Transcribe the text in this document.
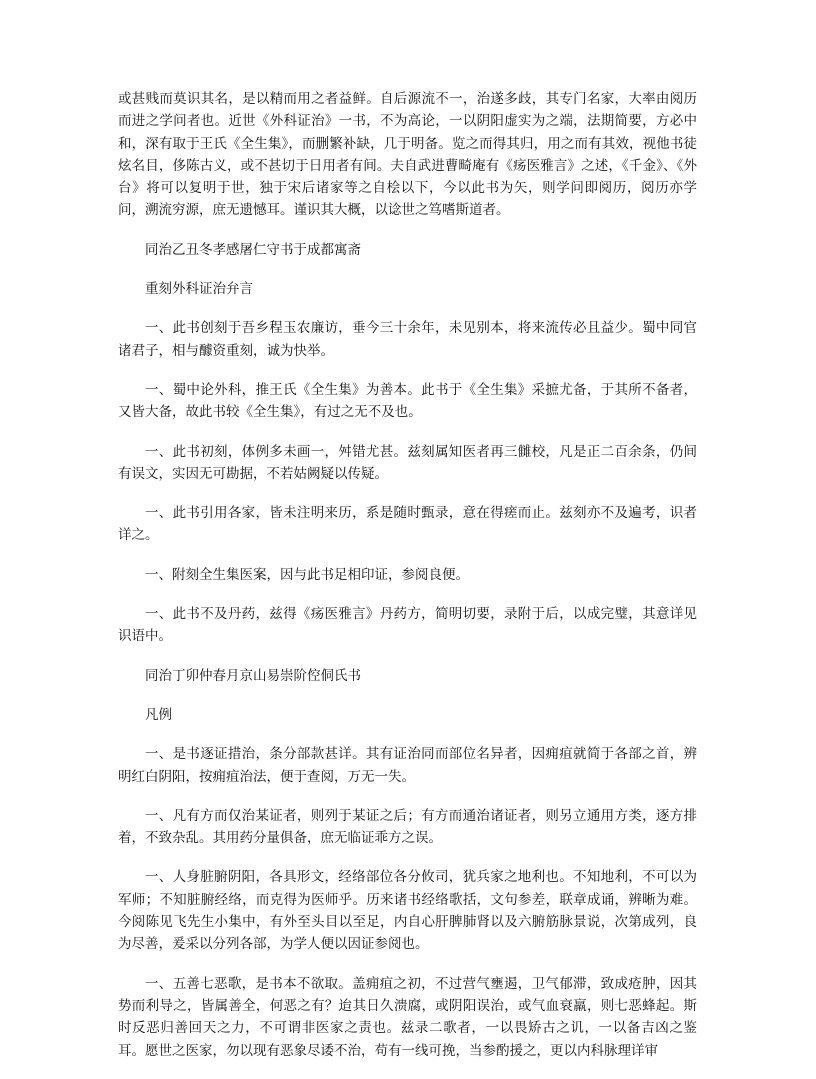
或甚贱而莫识其名，是以精而用之者益鲜。自后源流不一，治遂多歧，其专门名家，大率由阅历而进之学问者也。近世《外科证治》一书，不为高论，一以阴阳虚实为之端，法期简要，方必中和，深有取于王氏《全生集》，而删繁补缺，几于明备。览之而得其归，用之而有其效，视他书徒炫名目，侈陈古义，或不甚切于日用者有间。夫自武进曹畸庵有《疡医雅言》之述，《千金》、《外台》将可以复明于世，独于宋后诸家等之自桧以下，今以此书为矢，则学问即阅历，阅历亦学问，溯流穷源，庶无遗憾耳。谨识其大概，以谂世之笃嗜斯道者。

同治乙丑冬孝感屠仁守书于成都寓斋

重刻外科证治弁言

一、此书创刻于吾乡程玉农廉访，垂今三十余年，未见别本，将来流传必且益少。蜀中同官诸君子，相与醵资重刻，诚为快举。

一、蜀中论外科，推王氏《全生集》为善本。此书于《全生集》采摭尤备，于其所不备者，又皆大备，故此书较《全生集》，有过之无不及也。

一、此书初刻，体例多未画一，舛错尤甚。兹刻属知医者再三雠校，凡是正二百余条，仍间有误文，实因无可勘据，不若姑阙疑以传疑。

一、此书引用各家，皆未注明来历，系是随时甄录，意在得瘥而止。兹刻亦不及遍考，识者详之。

一、附刻全生集医案，因与此书足相印证，参阅良便。

一、此书不及丹药，兹得《疡医雅言》丹药方，简明切要，录附于后，以成完璧，其意详见识语中。

同治丁卯仲春月京山易崇阶倥侗氏书

凡例

一、是书逐证措治，条分部款甚详。其有证治同而部位名异者，因痈疽就简于各部之首，辨明红白阴阳，按痈疽治法，便于查阅，万无一失。

一、凡有方而仅治某证者，则列于某证之后；有方而通治诸证者，则另立通用方类，逐方排着，不致杂乱。其用药分量俱备，庶无临证乖方之误。

一、人身脏腑阴阳，各具形文，经络部位各分攸司，犹兵家之地利也。不知地利，不可以为军师；不知脏腑经络，而克得为医师乎。历来诸书经络歌括，文句参差，联章成诵，辨晰为难。今阅陈见飞先生小集中，有外至头目以至足，内自心肝脾肺肾以及六腑筋脉景说，次第成列，良为尽善，爰采以分列各部，为学人便以因证参阅也。

一、五善七恶歌，是书本不欲取。盖痈疽之初，不过营气壅遏，卫气郁滞，致成疮肿，因其势而利导之，皆属善全，何恶之有？迨其日久溃腐，或阴阳误治，或气血衰羸，则七恶蜂起。斯时反恶归善回天之力，不可谓非医家之责也。兹录二歌者，一以畏矫古之讥，一以备吉凶之鉴耳。愿世之医家，勿以现有恶象尽诿不治，苟有一线可挽，当参酌援之，更以内科脉理详审
